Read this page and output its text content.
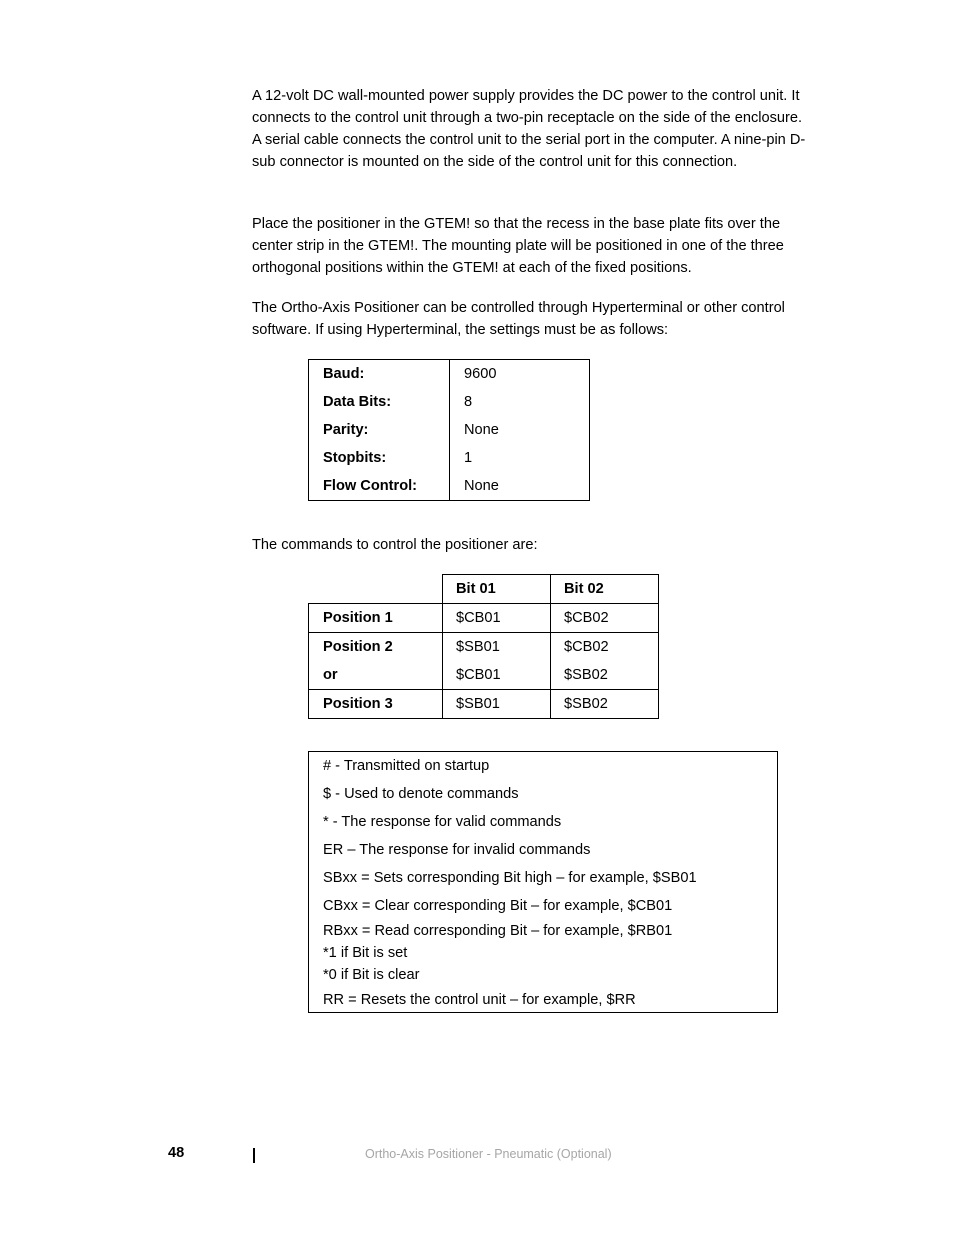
A 12-volt DC wall-mounted power supply provides the DC power to the control unit. It connects to the control unit through a two-pin receptacle on the side of the enclosure. A serial cable connects the control unit to the serial port in the computer. A nine-pin D-sub connector is mounted on the side of the control unit for this connection.

Place the positioner in the GTEM! so that the recess in the base plate fits over the center strip in the GTEM!. The mounting plate will be positioned in one of the three orthogonal positions within the GTEM! at each of the fixed positions.

The Ortho-Axis Positioner can be controlled through Hyperterminal or other control software. If using Hyperterminal, the settings must be as follows:

Baud:	9600
Data Bits:	8
Parity:	None
Stopbits:	1
Flow Control:	None

The commands to control the positioner are:

	Bit 01	Bit 02
Position 1	$CB01	$CB02
Position 2	$SB01	$CB02
or	$CB01	$SB02
Position 3	$SB01	$SB02
# - Transmitted on startup
$ - Used to denote commands
* - The response for valid commands
ER – The response for invalid commands
SBxx = Sets corresponding Bit high – for example, $SB01
CBxx = Clear corresponding Bit – for example, $CB01
RBxx = Read corresponding Bit – for example, $RB01
*1 if Bit is set
*0 if Bit is clear
RR = Resets the control unit – for example, $RR
48	Ortho-Axis Positioner - Pneumatic (Optional)
